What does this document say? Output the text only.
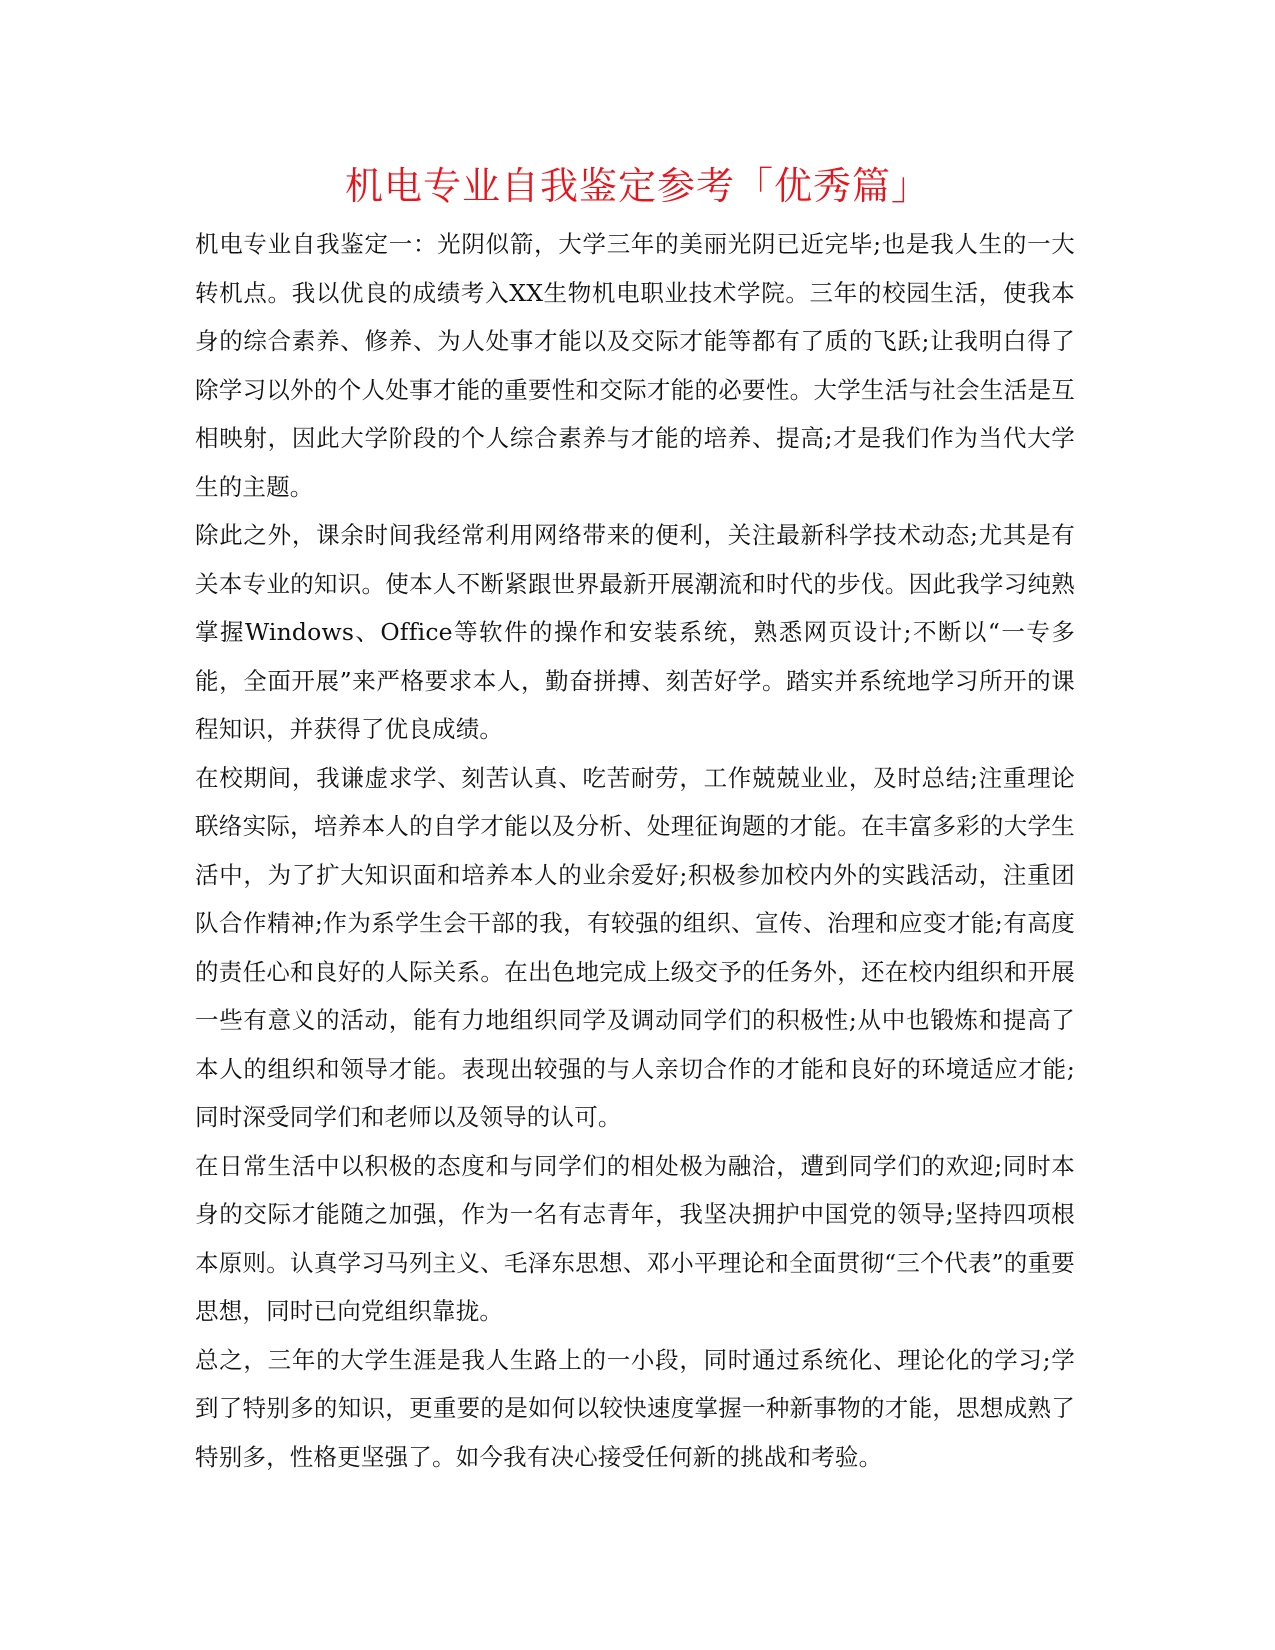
机电专业自我鉴定参考「优秀篇」

机电专业自我鉴定一：光阴似箭，大学三年的美丽光阴已近完毕;也是我人生的一大转机点。我以优良的成绩考入XX生物机电职业技术学院。三年的校园生活，使我本身的综合素养、修养、为人处事才能以及交际才能等都有了质的飞跃;让我明白得了除学习以外的个人处事才能的重要性和交际才能的必要性。大学生活与社会生活是互相映射，因此大学阶段的个人综合素养与才能的培养、提高;才是我们作为当代大学生的主题。

除此之外，课余时间我经常利用网络带来的便利，关注最新科学技术动态;尤其是有关本专业的知识。使本人不断紧跟世界最新开展潮流和时代的步伐。因此我学习纯熟掌握Windows、Office等软件的操作和安装系统，熟悉网页设计;不断以“一专多能，全面开展”来严格要求本人，勤奋拼搏、刻苦好学。踏实并系统地学习所开的课程知识，并获得了优良成绩。

在校期间，我谦虚求学、刻苦认真、吃苦耐劳，工作兢兢业业，及时总结;注重理论联络实际，培养本人的自学才能以及分析、处理征询题的才能。在丰富多彩的大学生活中，为了扩大知识面和培养本人的业余爱好;积极参加校内外的实践活动，注重团队合作精神;作为系学生会干部的我，有较强的组织、宣传、治理和应变才能;有高度的责任心和良好的人际关系。在出色地完成上级交予的任务外，还在校内组织和开展一些有意义的活动，能有力地组织同学及调动同学们的积极性;从中也锻炼和提高了本人的组织和领导才能。表现出较强的与人亲切合作的才能和良好的环境适应才能;同时深受同学们和老师以及领导的认可。

在日常生活中以积极的态度和与同学们的相处极为融洽，遭到同学们的欢迎;同时本身的交际才能随之加强，作为一名有志青年，我坚决拥护中国党的领导;坚持四项根本原则。认真学习马列主义、毛泽东思想、邓小平理论和全面贯彻“三个代表”的重要思想，同时已向党组织靠拢。

总之，三年的大学生涯是我人生路上的一小段，同时通过系统化、理论化的学习;学到了特别多的知识，更重要的是如何以较快速度掌握一种新事物的才能，思想成熟了特别多，性格更坚强了。如今我有决心接受任何新的挑战和考验。
